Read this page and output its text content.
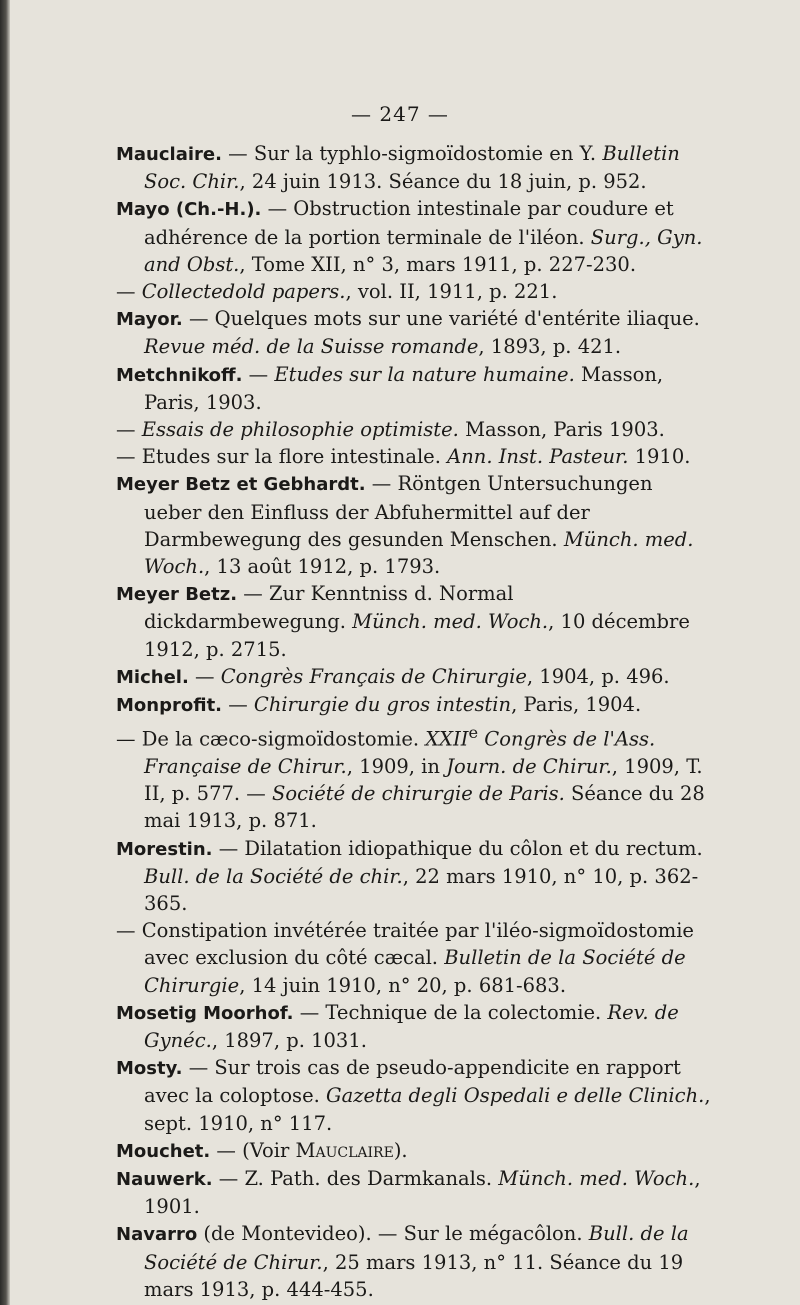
— 247 —

Mauclaire. — Sur la typhlo-sigmoïdostomie en Y. Bulletin Soc. Chir., 24 juin 1913. Séance du 18 juin, p. 952.

Mayo (Ch.-H.). — Obstruction intestinale par coudure et adhérence de la portion terminale de l'iléon. Surg., Gyn. and Obst., Tome XII, n° 3, mars 1911, p. 227-230.

— Collectedold papers., vol. II, 1911, p. 221.

Mayor. — Quelques mots sur une variété d'entérite iliaque. Revue méd. de la Suisse romande, 1893, p. 421.

Metchnikoff. — Etudes sur la nature humaine. Masson, Paris, 1903.

— Essais de philosophie optimiste. Masson, Paris 1903.

— Etudes sur la flore intestinale. Ann. Inst. Pasteur. 1910.

Meyer Betz et Gebhardt. — Röntgen Untersuchungen ueber den Einfluss der Abfuhermittel auf der Darmbewegung des gesunden Menschen. Münch. med. Woch., 13 août 1912, p. 1793.

Meyer Betz. — Zur Kenntniss d. Normal dickdarmbewegung. Münch. med. Woch., 10 décembre 1912, p. 2715.

Michel. — Congrès Français de Chirurgie, 1904, p. 496.

Monprofit. — Chirurgie du gros intestin, Paris, 1904.

— De la cæco-sigmoïdostomie. XXIIe Congrès de l'Ass. Française de Chirur., 1909, in Journ. de Chirur., 1909, T. II, p. 577. — Société de chirurgie de Paris. Séance du 28 mai 1913, p. 871.

Morestin. — Dilatation idiopathique du côlon et du rectum. Bull. de la Société de chir., 22 mars 1910, n° 10, p. 362-365.

— Constipation invétérée traitée par l'iléo-sigmoïdostomie avec exclusion du côté cæcal. Bulletin de la Société de Chirurgie, 14 juin 1910, n° 20, p. 681-683.

Mosetig Moorhof. — Technique de la colectomie. Rev. de Gynéc., 1897, p. 1031.

Mosty. — Sur trois cas de pseudo-appendicite en rapport avec la coloptose. Gazetta degli Ospedali e delle Clinich., sept. 1910, n° 117.

Mouchet. — (Voir Mauclaire).

Nauwerk. — Z. Path. des Darmkanals. Münch. med. Woch., 1901.

Navarro (de Montevideo). — Sur le mégacôlon. Bull. de la Société de Chirur., 25 mars 1913, n° 11. Séance du 19 mars 1913, p. 444-455.
